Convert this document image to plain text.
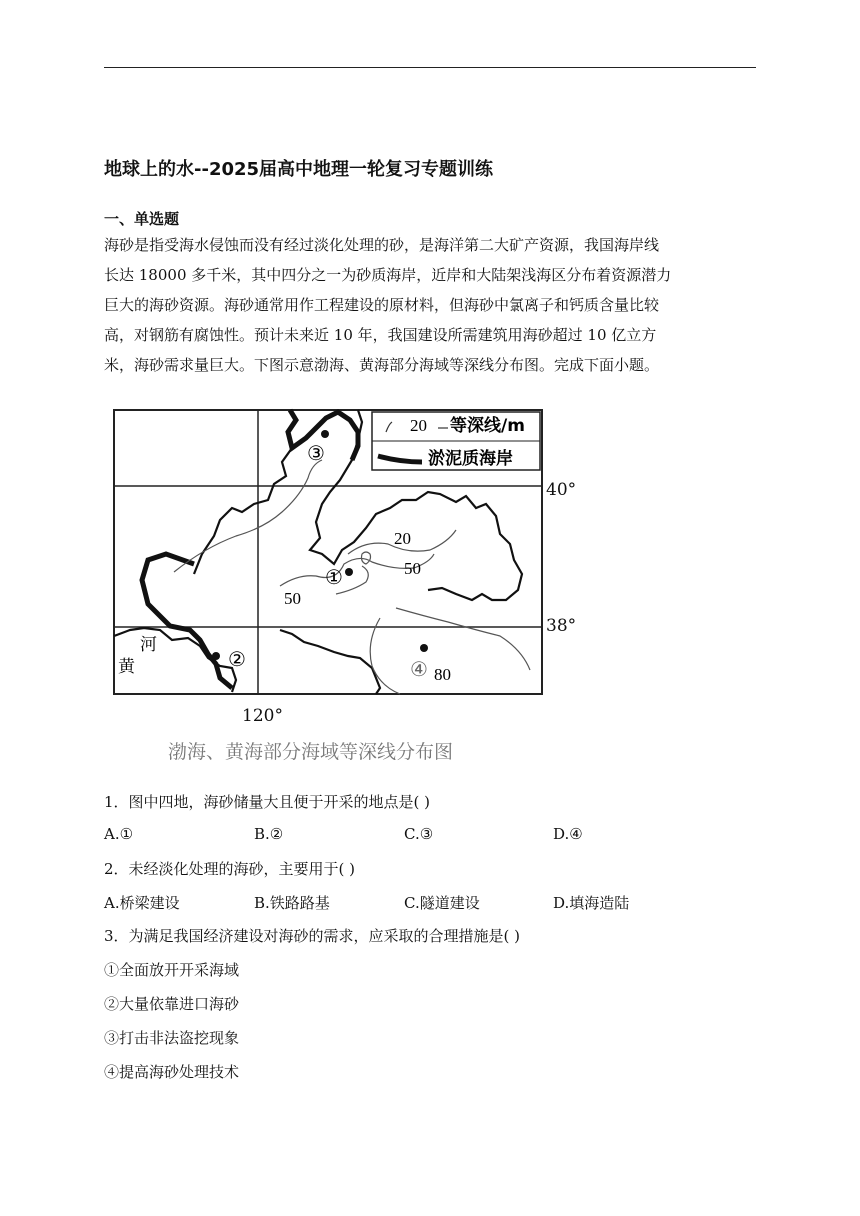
地球上的水--2025届高中地理一轮复习专题训练
一、单选题
海砂是指受海水侵蚀而没有经过淡化处理的砂，是海洋第二大矿产资源，我国海岸线
长达 18000 多千米，其中四分之一为砂质海岸，近岸和大陆架浅海区分布着资源潜力
巨大的海砂资源。海砂通常用作工程建设的原材料，但海砂中氯离子和钙质含量比较
高，对钢筋有腐蚀性。预计未来近 10 年，我国建设所需建筑用海砂超过 10 亿立方
米，海砂需求量巨大。下图示意渤海、黄海部分海域等深线分布图。完成下面小题。
20 等深线/m
淤泥质海岸
③
①
②	④
20
50
50
80
河
黄
40°
38°
120°
渤海、黄海部分海域等深线分布图
1．图中四地，海砂储量大且便于开采的地点是( )
A.①	B.②	C.③	D.④
2．未经淡化处理的海砂，主要用于( )
A.桥梁建设	B.铁路路基	C.隧道建设	D.填海造陆
3．为满足我国经济建设对海砂的需求，应采取的合理措施是( )
①全面放开开采海域
②大量依靠进口海砂
③打击非法盗挖现象
④提高海砂处理技术
